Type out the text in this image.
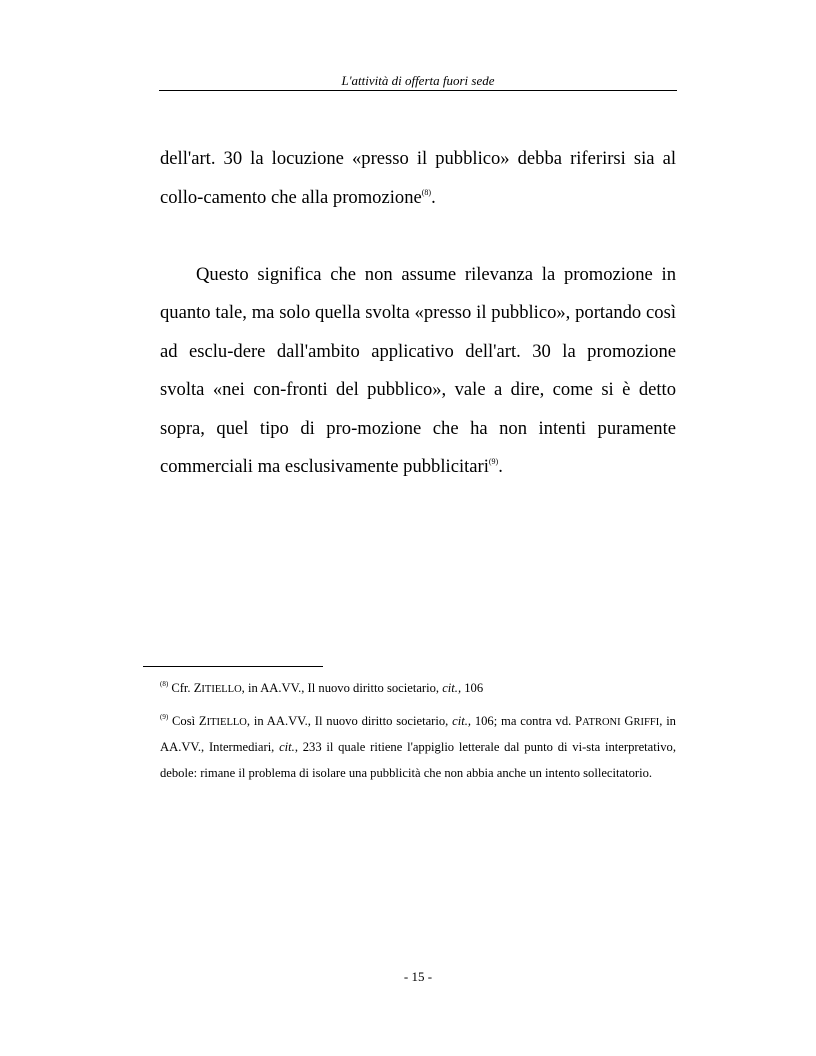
L'attività di offerta fuori sede

dell'art. 30 la locuzione «presso il pubblico» debba riferirsi sia al collo-camento che alla promozione$^{(8)}$.

Questo significa che non assume rilevanza la promozione in quanto tale, ma solo quella svolta «presso il pubblico», portando così ad esclu-dere dall'ambito applicativo dell'art. 30 la promozione svolta «nei con-fronti del pubblico», vale a dire, come si è detto sopra, quel tipo di pro-mozione che ha non intenti puramente commerciali ma esclusivamente pubblicitari$^{(9)}$.

$^{(8)}$ Cfr. ZITIELLO, in AA.VV., Il nuovo diritto societario, cit., 106

$^{(9)}$ Così ZITIELLO, in AA.VV., Il nuovo diritto societario, cit., 106; ma contra vd. PATRONI GRIFFI, in AA.VV., Intermediari, cit., 233 il quale ritiene l'appiglio letterale dal punto di vi-sta interpretativo, debole: rimane il problema di isolare una pubblicità che non abbia anche un intento sollecitatorio.

- 15 -
